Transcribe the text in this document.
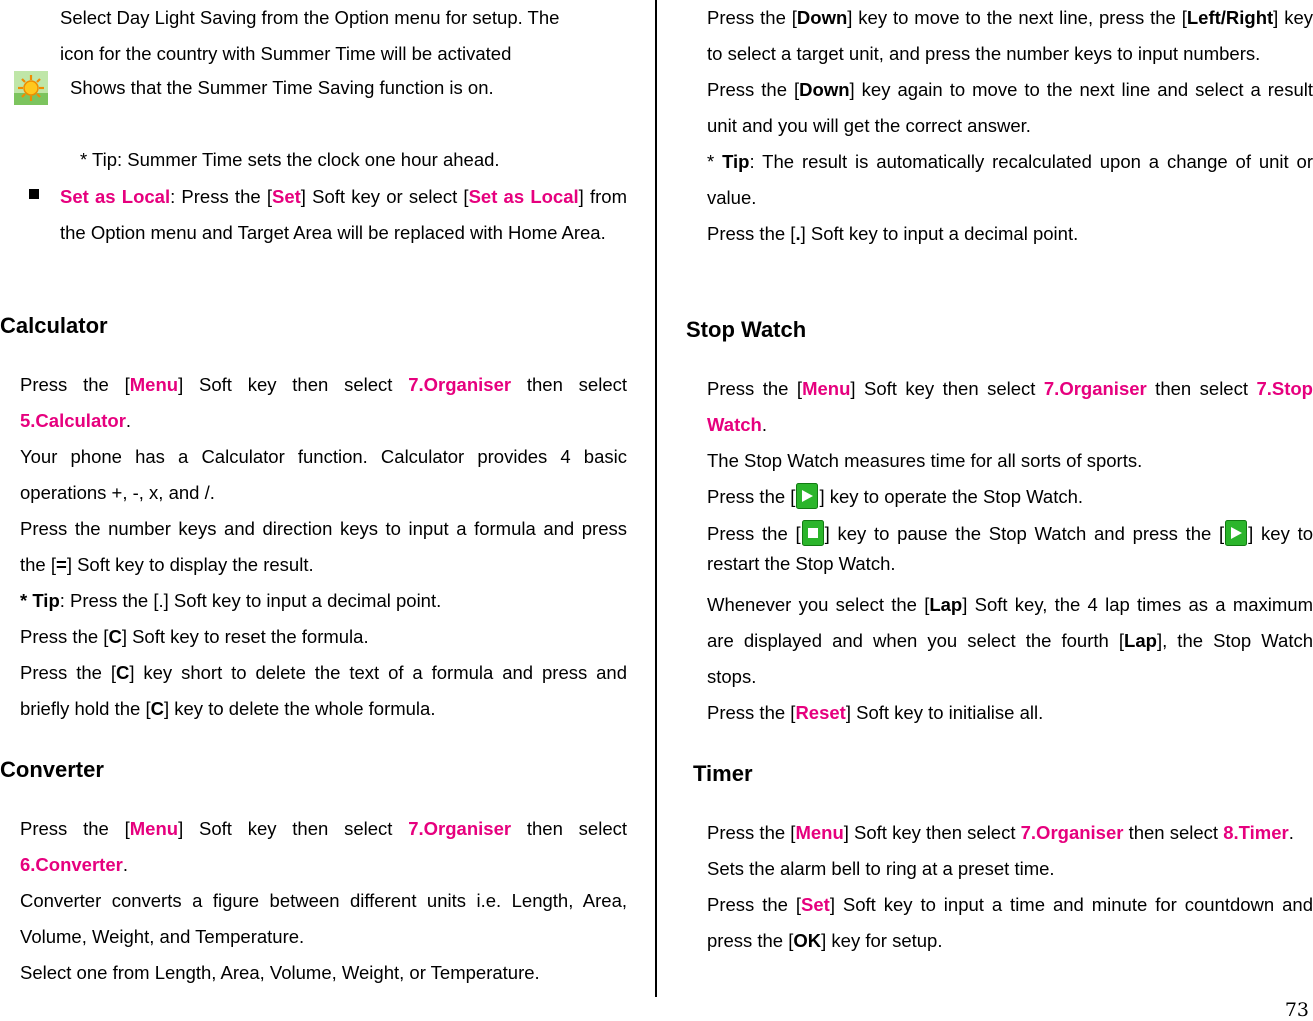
Select Day Light Saving from the Option menu for setup. The

icon for the country with Summer Time will be activated

Shows that the Summer Time Saving function is on.

* Tip: Summer Time sets the clock one hour ahead.

Set as Local: Press the [Set] Soft key or select [Set as Local] from the Option menu and Target Area will be replaced with Home Area.

Calculator

Press the [Menu] Soft key then select 7.Organiser then select 5.Calculator.

Your phone has a Calculator function. Calculator provides 4 basic operations +, -, x, and /.

Press the number keys and direction keys to input a formula and press the [=] Soft key to display the result.

* Tip: Press the [.] Soft key to input a decimal point.

Press the [C] Soft key to reset the formula.

Press the [C] key short to delete the text of a formula and press and briefly hold the [C] key to delete the whole formula.

Converter

Press the [Menu] Soft key then select 7.Organiser then select 6.Converter.

Converter converts a figure between different units i.e. Length, Area, Volume, Weight, and Temperature.

Select one from Length, Area, Volume, Weight, or Temperature.

Press the [Down] key to move to the next line, press the [Left/Right] key to select a target unit, and press the number keys to input numbers.

Press the [Down] key again to move to the next line and select a result unit and you will get the correct answer.

* Tip: The result is automatically recalculated upon a change of unit or value.

Press the [.] Soft key to input a decimal point.

Stop Watch

Press the [Menu] Soft key then select 7.Organiser then select 7.Stop Watch.

The Stop Watch measures time for all sorts of sports.

Press the [ ] key to operate the Stop Watch.

Press the [ ] key to pause the Stop Watch and press the [ ] key to restart the Stop Watch.

Whenever you select the [Lap] Soft key, the 4 lap times as a maximum are displayed and when you select the fourth [Lap], the Stop Watch stops.

Press the [Reset] Soft key to initialise all.

Timer

Press the [Menu] Soft key then select 7.Organiser then select 8.Timer.

Sets the alarm bell to ring at a preset time.

Press the [Set] Soft key to input a time and minute for countdown and press the [OK] key for setup.

73
